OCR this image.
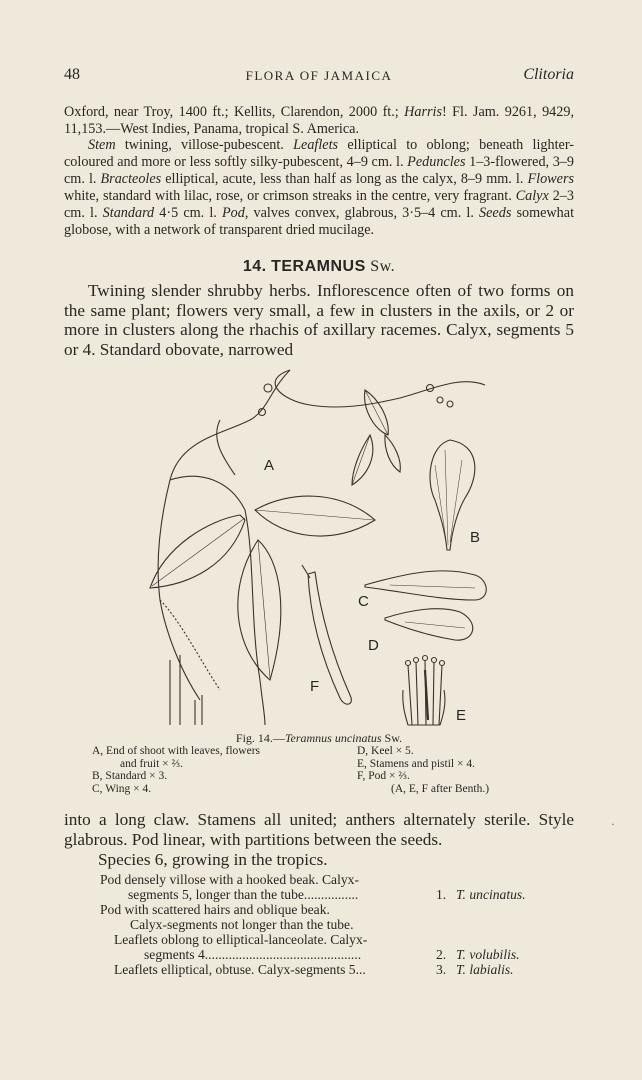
48	FLORA OF JAMAICA	Clitoria

Oxford, near Troy, 1400 ft.; Kellits, Clarendon, 2000 ft.; Harris! Fl. Jam. 9261, 9429, 11,153.—West Indies, Panama, tropical S. America.

Stem twining, villose-pubescent. Leaflets elliptical to oblong; beneath lighter-coloured and more or less softly silky-pubescent, 4–9 cm. l. Peduncles 1–3-flowered, 3–9 cm. l. Bracteoles elliptical, acute, less than half as long as the calyx, 8–9 mm. l. Flowers white, standard with lilac, rose, or crimson streaks in the centre, very fragrant. Calyx 2–3 cm. l. Standard 4·5 cm. l. Pod, valves convex, glabrous, 3·5–4 cm. l. Seeds somewhat globose, with a network of transparent dried mucilage.

14. TERAMNUS Sw.

Twining slender shrubby herbs. Inflorescence often of two forms on the same plant; flowers very small, a few in clusters in the axils, or 2 or more in clusters along the rhachis of axillary racemes. Calyx, segments 5 or 4. Standard obovate, narrowed

A
B
C
D
E
F
Fig. 14.—Teramnus uncinatus Sw.
A, End of shoot with leaves, flowers
and fruit × ⅔.
B, Standard × 3.
C, Wing × 4.
D, Keel × 5.
E, Stamens and pistil × 4.
F, Pod × ⅔.
(A, E, F after Benth.)

into a long claw. Stamens all united; anthers alternately sterile. Style glabrous. Pod linear, with partitions between the seeds.

Species 6, growing in the tropics.

·
Pod densely villose with a hooked beak. Calyx-
segments 5, longer than the tube................	1. T. uncinatus.
Pod with scattered hairs and oblique beak.
Calyx-segments not longer than the tube.
Leaflets oblong to elliptical-lanceolate. Calyx-
segments 4..............................................	2. T. volubilis.
Leaflets elliptical, obtuse. Calyx-segments 5...	3. T. labialis.
